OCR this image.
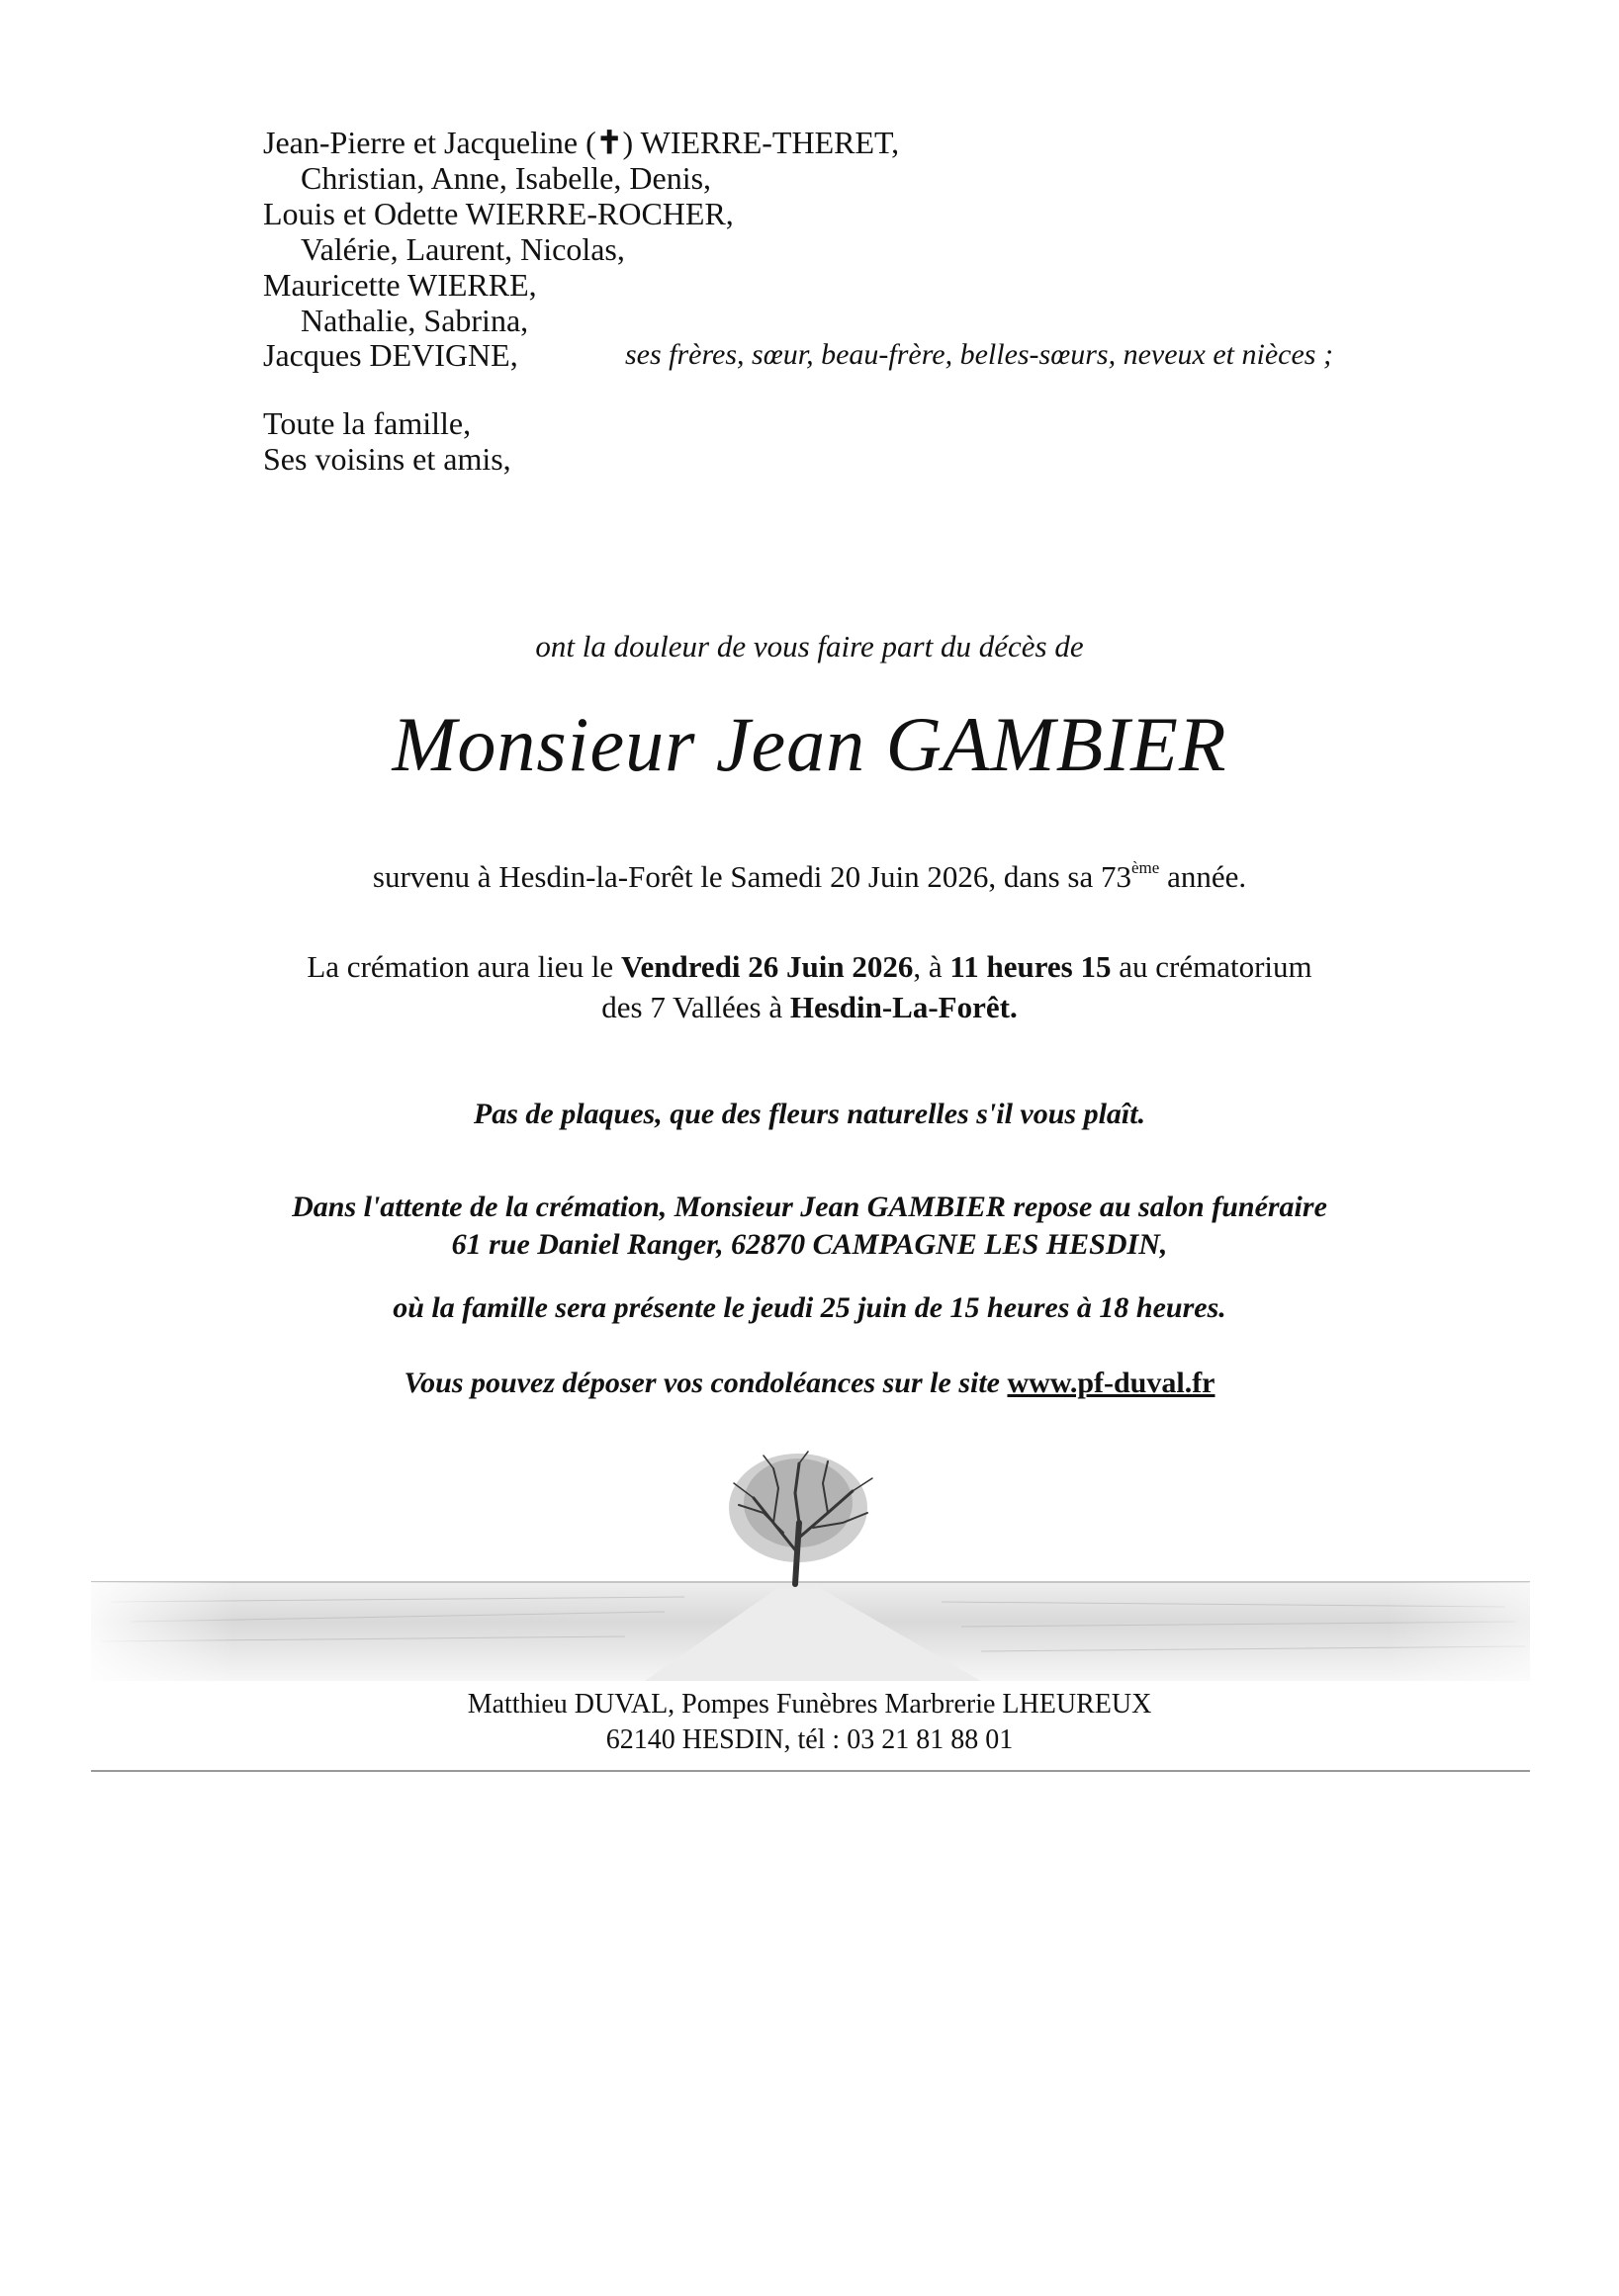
Jean-Pierre et Jacqueline (✝) WIERRE-THERET,
Christian, Anne, Isabelle, Denis,
Louis et Odette WIERRE-ROCHER,
Valérie, Laurent, Nicolas,
Mauricette WIERRE,
Nathalie, Sabrina,
Jacques DEVIGNE,	ses frères, sœur, beau-frère, belles-sœurs, neveux et nièces ;
Toute la famille,
Ses voisins et amis,
ont la douleur de vous faire part du décès de
Monsieur Jean GAMBIER
survenu à Hesdin-la-Forêt le Samedi 20 Juin 2026, dans sa 73ème année.
La crémation aura lieu le Vendredi 26 Juin 2026, à 11 heures 15 au crématorium
des 7 Vallées à Hesdin-La-Forêt.
Pas de plaques, que des fleurs naturelles s'il vous plaît.
Dans l'attente de la crémation, Monsieur Jean GAMBIER repose au salon funéraire
61 rue Daniel Ranger, 62870 CAMPAGNE LES HESDIN,
où la famille sera présente le jeudi 25 juin de 15 heures à 18 heures.
Vous pouvez déposer vos condoléances sur le site www.pf-duval.fr
Matthieu DUVAL, Pompes Funèbres Marbrerie LHEUREUX
62140 HESDIN, tél : 03 21 81 88 01
